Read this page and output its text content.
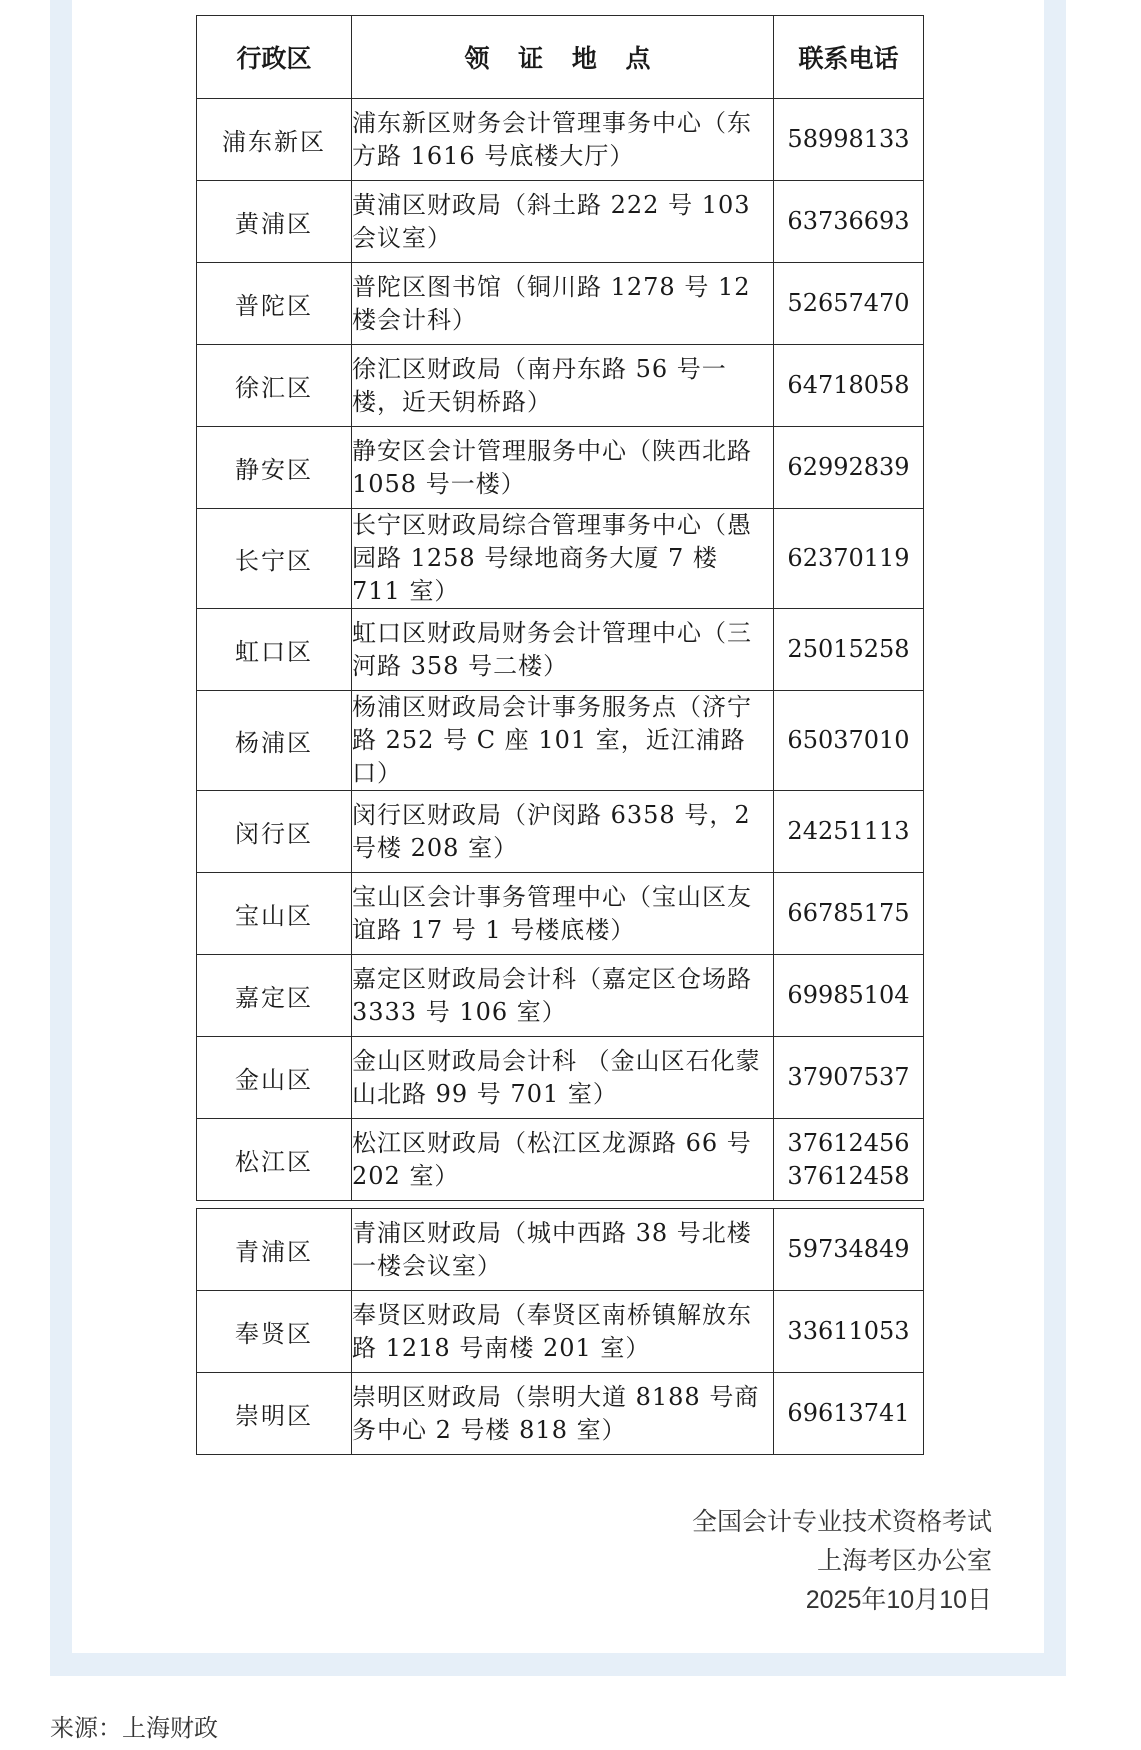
行政区	领 证 地 点	联系电话
浦东新区	浦东新区财务会计管理事务中心（东方路 1616 号底楼大厅）	58998133
黄浦区	黄浦区财政局（斜土路 222 号 103 会议室）	63736693
普陀区	普陀区图书馆（铜川路 1278 号 12 楼会计科）	52657470
徐汇区	徐汇区财政局（南丹东路 56 号一楼，近天钥桥路）	64718058
静安区	静安区会计管理服务中心（陕西北路 1058 号一楼）	62992839
长宁区	长宁区财政局综合管理事务中心（愚园路 1258 号绿地商务大厦 7 楼 711 室）	62370119
虹口区	虹口区财政局财务会计管理中心（三河路 358 号二楼）	25015258
杨浦区	杨浦区财政局会计事务服务点（济宁路 252 号 C 座 101 室，近江浦路口）	65037010
闵行区	闵行区财政局（沪闵路 6358 号，2 号楼 208 室）	24251113
宝山区	宝山区会计事务管理中心（宝山区友谊路 17 号 1 号楼底楼）	66785175
嘉定区	嘉定区财政局会计科（嘉定区仓场路 3333 号 106 室）	69985104
金山区	金山区财政局会计科 （金山区石化蒙山北路 99 号 701 室）	37907537
松江区	松江区财政局（松江区龙源路 66 号 202 室）	37612456
37612458

青浦区	青浦区财政局（城中西路 38 号北楼一楼会议室）	59734849
奉贤区	奉贤区财政局（奉贤区南桥镇解放东路 1218 号南楼 201 室）	33611053
崇明区	崇明区财政局（崇明大道 8188 号商务中心 2 号楼 818 室）	69613741
全国会计专业技术资格考试
上海考区办公室
2025年10月10日
来源：上海财政
